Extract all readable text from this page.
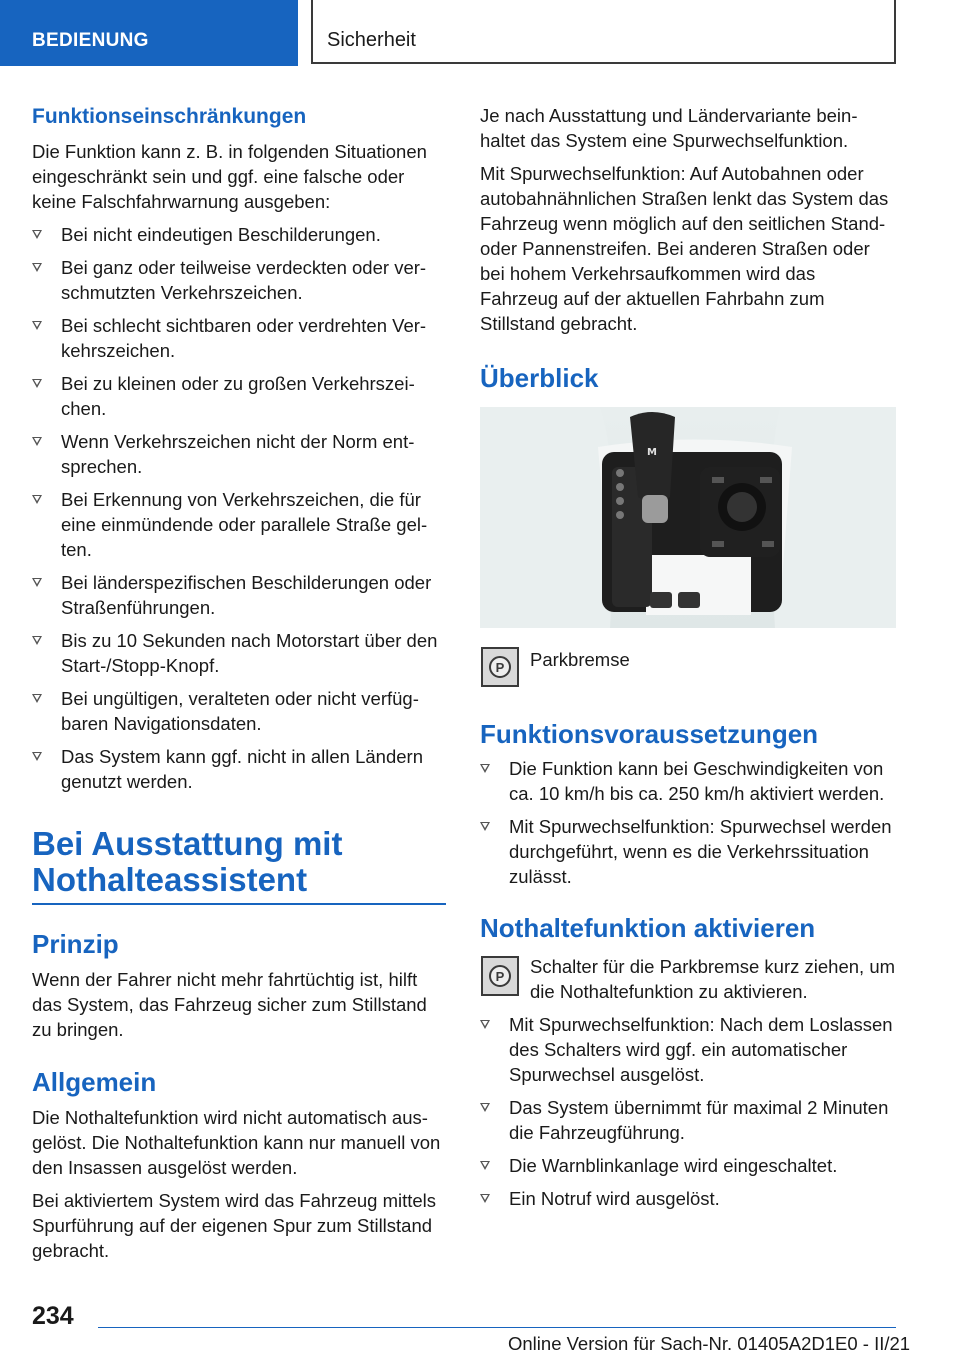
BEDIENUNG	Sicherheit
Funktionseinschränkungen

Die Funktion kann z. B. in folgenden Situationen eingeschränkt sein und ggf. eine falsche oder keine Falschfahrwarnung ausgeben:

Bei nicht eindeutigen Beschilderungen.
Bei ganz oder teilweise verdeckten oder verschmutzten Verkehrszeichen.
Bei schlecht sichtbaren oder verdrehten Verkehrszeichen.
Bei zu kleinen oder zu großen Verkehrszeichen.
Wenn Verkehrszeichen nicht der Norm entsprechen.
Bei Erkennung von Verkehrszeichen, die für eine einmündende oder parallele Straße gelten.
Bei länderspezifischen Beschilderungen oder Straßenführungen.
Bis zu 10 Sekunden nach Motorstart über den Start-/Stopp-Knopf.
Bei ungültigen, veralteten oder nicht verfügbaren Navigationsdaten.
Das System kann ggf. nicht in allen Ländern genutzt werden.
Bei Ausstattung mit Nothalteassistent
Prinzip

Wenn der Fahrer nicht mehr fahrtüchtig ist, hilft das System, das Fahrzeug sicher zum Stillstand zu bringen.

Allgemein

Die Nothaltefunktion wird nicht automatisch ausgelöst. Die Nothaltefunktion kann nur manuell von den Insassen ausgelöst werden.

Bei aktiviertem System wird das Fahrzeug mittels Spurführung auf der eigenen Spur zum Stillstand gebracht.

Je nach Ausstattung und Ländervariante beinhaltet das System eine Spurwechselfunktion.

Mit Spurwechselfunktion: Auf Autobahnen oder autobahnähnlichen Straßen lenkt das System das Fahrzeug wenn möglich auf den seitlichen Stand- oder Pannenstreifen. Bei anderen Straßen oder bei hohem Verkehrsaufkommen wird das Fahrzeug auf der aktuellen Fahrbahn zum Stillstand gebracht.

Überblick
M
P Parkbremse

Funktionsvoraussetzungen
Die Funktion kann bei Geschwindigkeiten von ca. 10 km/h bis ca. 250 km/h aktiviert werden.
Mit Spurwechselfunktion: Spurwechsel werden durchgeführt, wenn es die Verkehrssituation zulässt.
Nothaltefunktion aktivieren
P Schalter für die Parkbremse kurz ziehen, um die Nothaltefunktion zu aktivieren.

Mit Spurwechselfunktion: Nach dem Loslassen des Schalters wird ggf. ein automatischer Spurwechsel ausgelöst.
Das System übernimmt für maximal 2 Minuten die Fahrzeugführung.
Die Warnblinkanlage wird eingeschaltet.
Ein Notruf wird ausgelöst.
234
Online Version für Sach-Nr. 01405A2D1E0 - II/21
